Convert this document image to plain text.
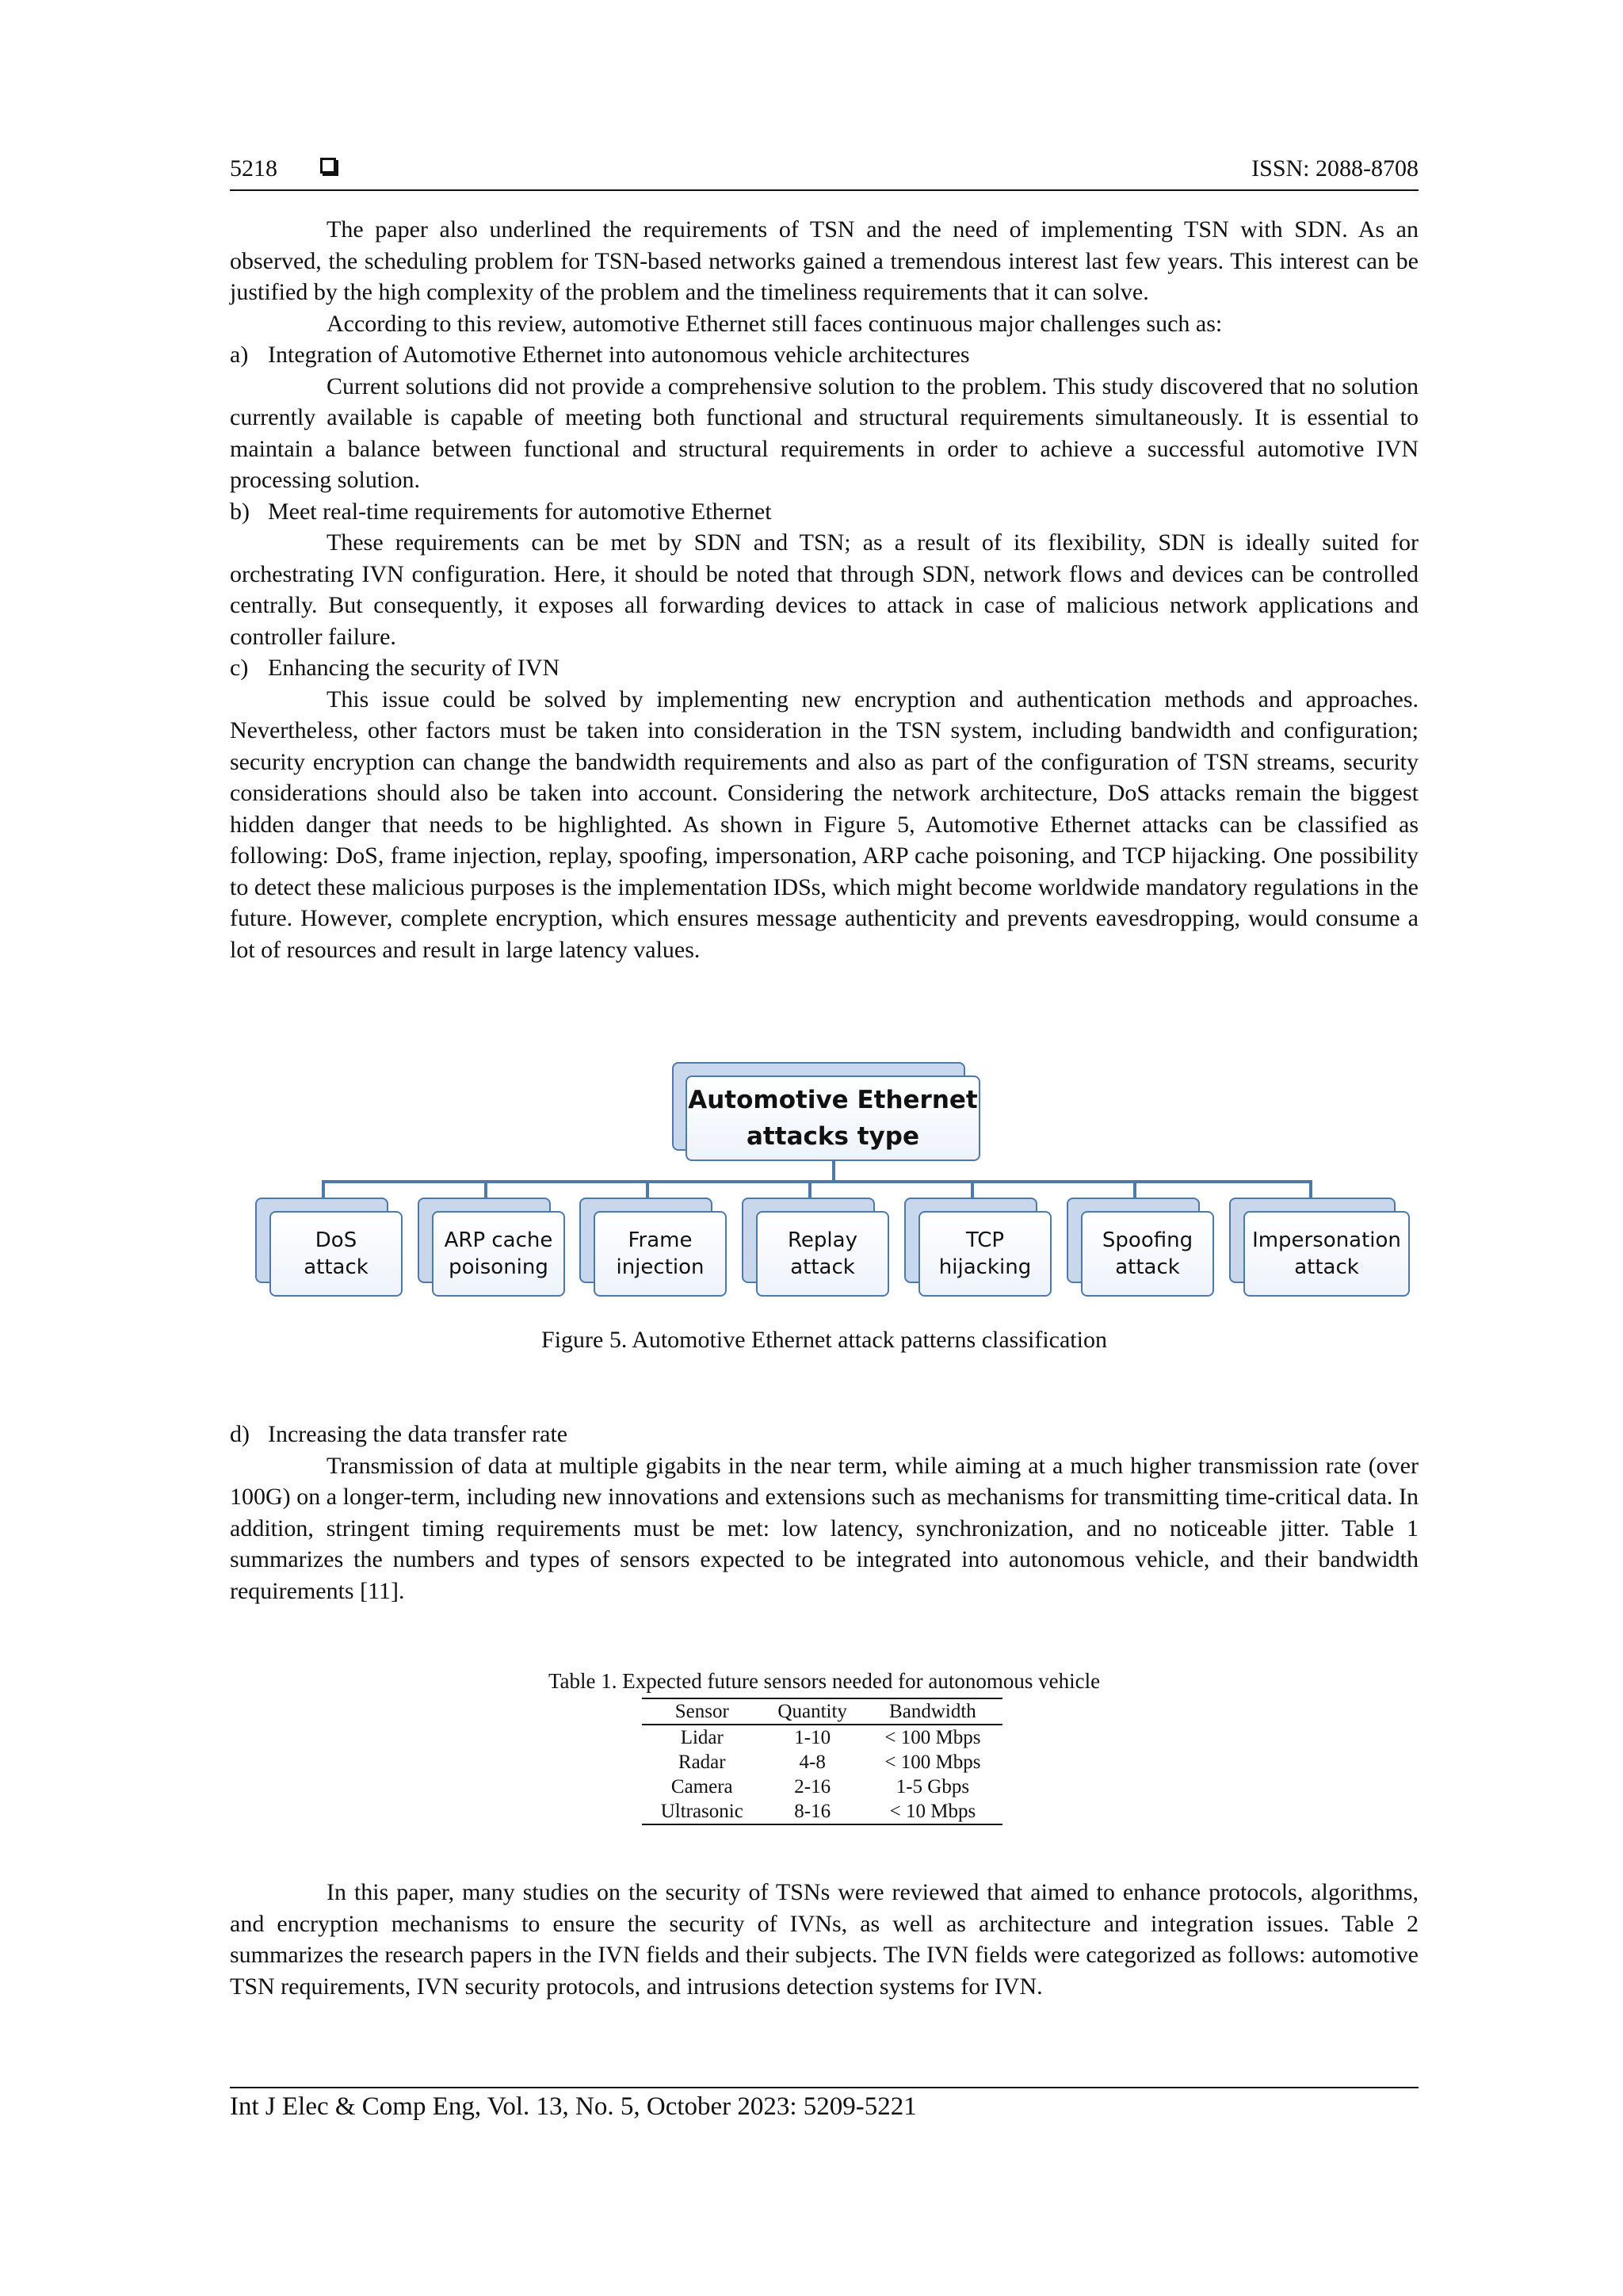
5218	ISSN: 2088-8708

The paper also underlined the requirements of TSN and the need of implementing TSN with SDN. As an observed, the scheduling problem for TSN-based networks gained a tremendous interest last few years. This interest can be justified by the high complexity of the problem and the timeliness requirements that it can solve.

According to this review, automotive Ethernet still faces continuous major challenges such as:

a) Integration of Automotive Ethernet into autonomous vehicle architectures

Current solutions did not provide a comprehensive solution to the problem. This study discovered that no solution currently available is capable of meeting both functional and structural requirements simultaneously. It is essential to maintain a balance between functional and structural requirements in order to achieve a successful automotive IVN processing solution.

b) Meet real-time requirements for automotive Ethernet

These requirements can be met by SDN and TSN; as a result of its flexibility, SDN is ideally suited for orchestrating IVN configuration. Here, it should be noted that through SDN, network flows and devices can be controlled centrally. But consequently, it exposes all forwarding devices to attack in case of malicious network applications and controller failure.

c) Enhancing the security of IVN

This issue could be solved by implementing new encryption and authentication methods and approaches. Nevertheless, other factors must be taken into consideration in the TSN system, including bandwidth and configuration; security encryption can change the bandwidth requirements and also as part of the configuration of TSN streams, security considerations should also be taken into account. Considering the network architecture, DoS attacks remain the biggest hidden danger that needs to be highlighted. As shown in Figure 5, Automotive Ethernet attacks can be classified as following: DoS, frame injection, replay, spoofing, impersonation, ARP cache poisoning, and TCP hijacking. One possibility to detect these malicious purposes is the implementation IDSs, which might become worldwide mandatory regulations in the future. However, complete encryption, which ensures message authenticity and prevents eavesdropping, would consume a lot of resources and result in large latency values.

Automotive Ethernet
attacks type
DoS
attack
ARP cache
poisoning
Frame
injection
Replay
attack
TCP
hijacking
Spoofing
attack
Impersonation
attack
Figure 5. Automotive Ethernet attack patterns classification
d) Increasing the data transfer rate

Transmission of data at multiple gigabits in the near term, while aiming at a much higher transmission rate (over 100G) on a longer-term, including new innovations and extensions such as mechanisms for transmitting time-critical data. In addition, stringent timing requirements must be met: low latency, synchronization, and no noticeable jitter. Table 1 summarizes the numbers and types of sensors expected to be integrated into autonomous vehicle, and their bandwidth requirements [11].

Table 1. Expected future sensors needed for autonomous vehicle
Sensor	Quantity	Bandwidth
Lidar	1-10	< 100 Mbps
Radar	4-8	< 100 Mbps
Camera	2-16	1-5 Gbps
Ultrasonic	8-16	< 10 Mbps

In this paper, many studies on the security of TSNs were reviewed that aimed to enhance protocols, algorithms, and encryption mechanisms to ensure the security of IVNs, as well as architecture and integration issues. Table 2 summarizes the research papers in the IVN fields and their subjects. The IVN fields were categorized as follows: automotive TSN requirements, IVN security protocols, and intrusions detection systems for IVN.

Int J Elec & Comp Eng, Vol. 13, No. 5, October 2023: 5209-5221
